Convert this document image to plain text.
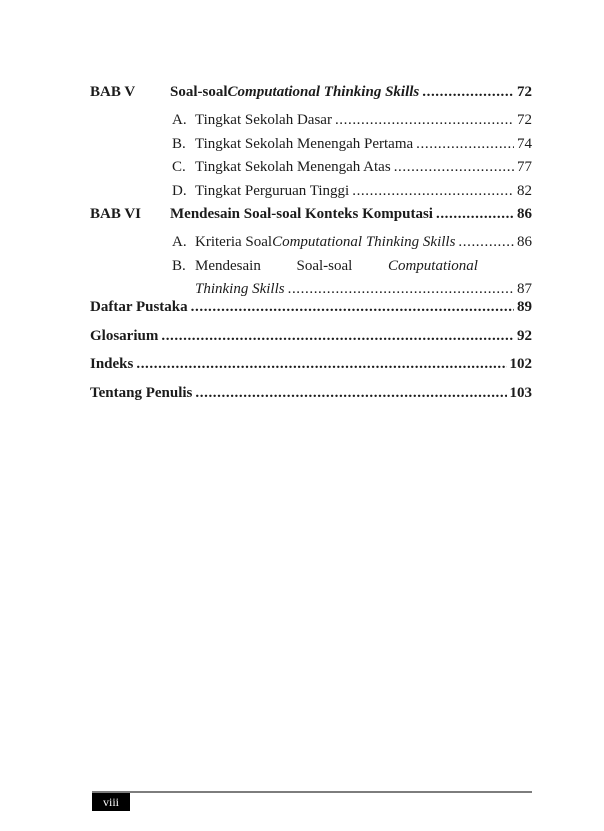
BAB V	Soal-soal Computational Thinking Skills .....	72
A. Tingkat Sekolah Dasar .....	72
B. Tingkat Sekolah Menengah Pertama .....	74
C. Tingkat Sekolah Menengah Atas .....	77
D. Tingkat Perguruan Tinggi .....	82
BAB VI	Mendesain Soal-soal Konteks Komputasi .....	86
A. Kriteria Soal Computational Thinking Skills .....	86
B. Mendesain Soal-soal Computational
Thinking Skills .....	87
Daftar Pustaka .....	89
Glosarium .....	92
Indeks .....	102
Tentang Penulis .....	103
viii
